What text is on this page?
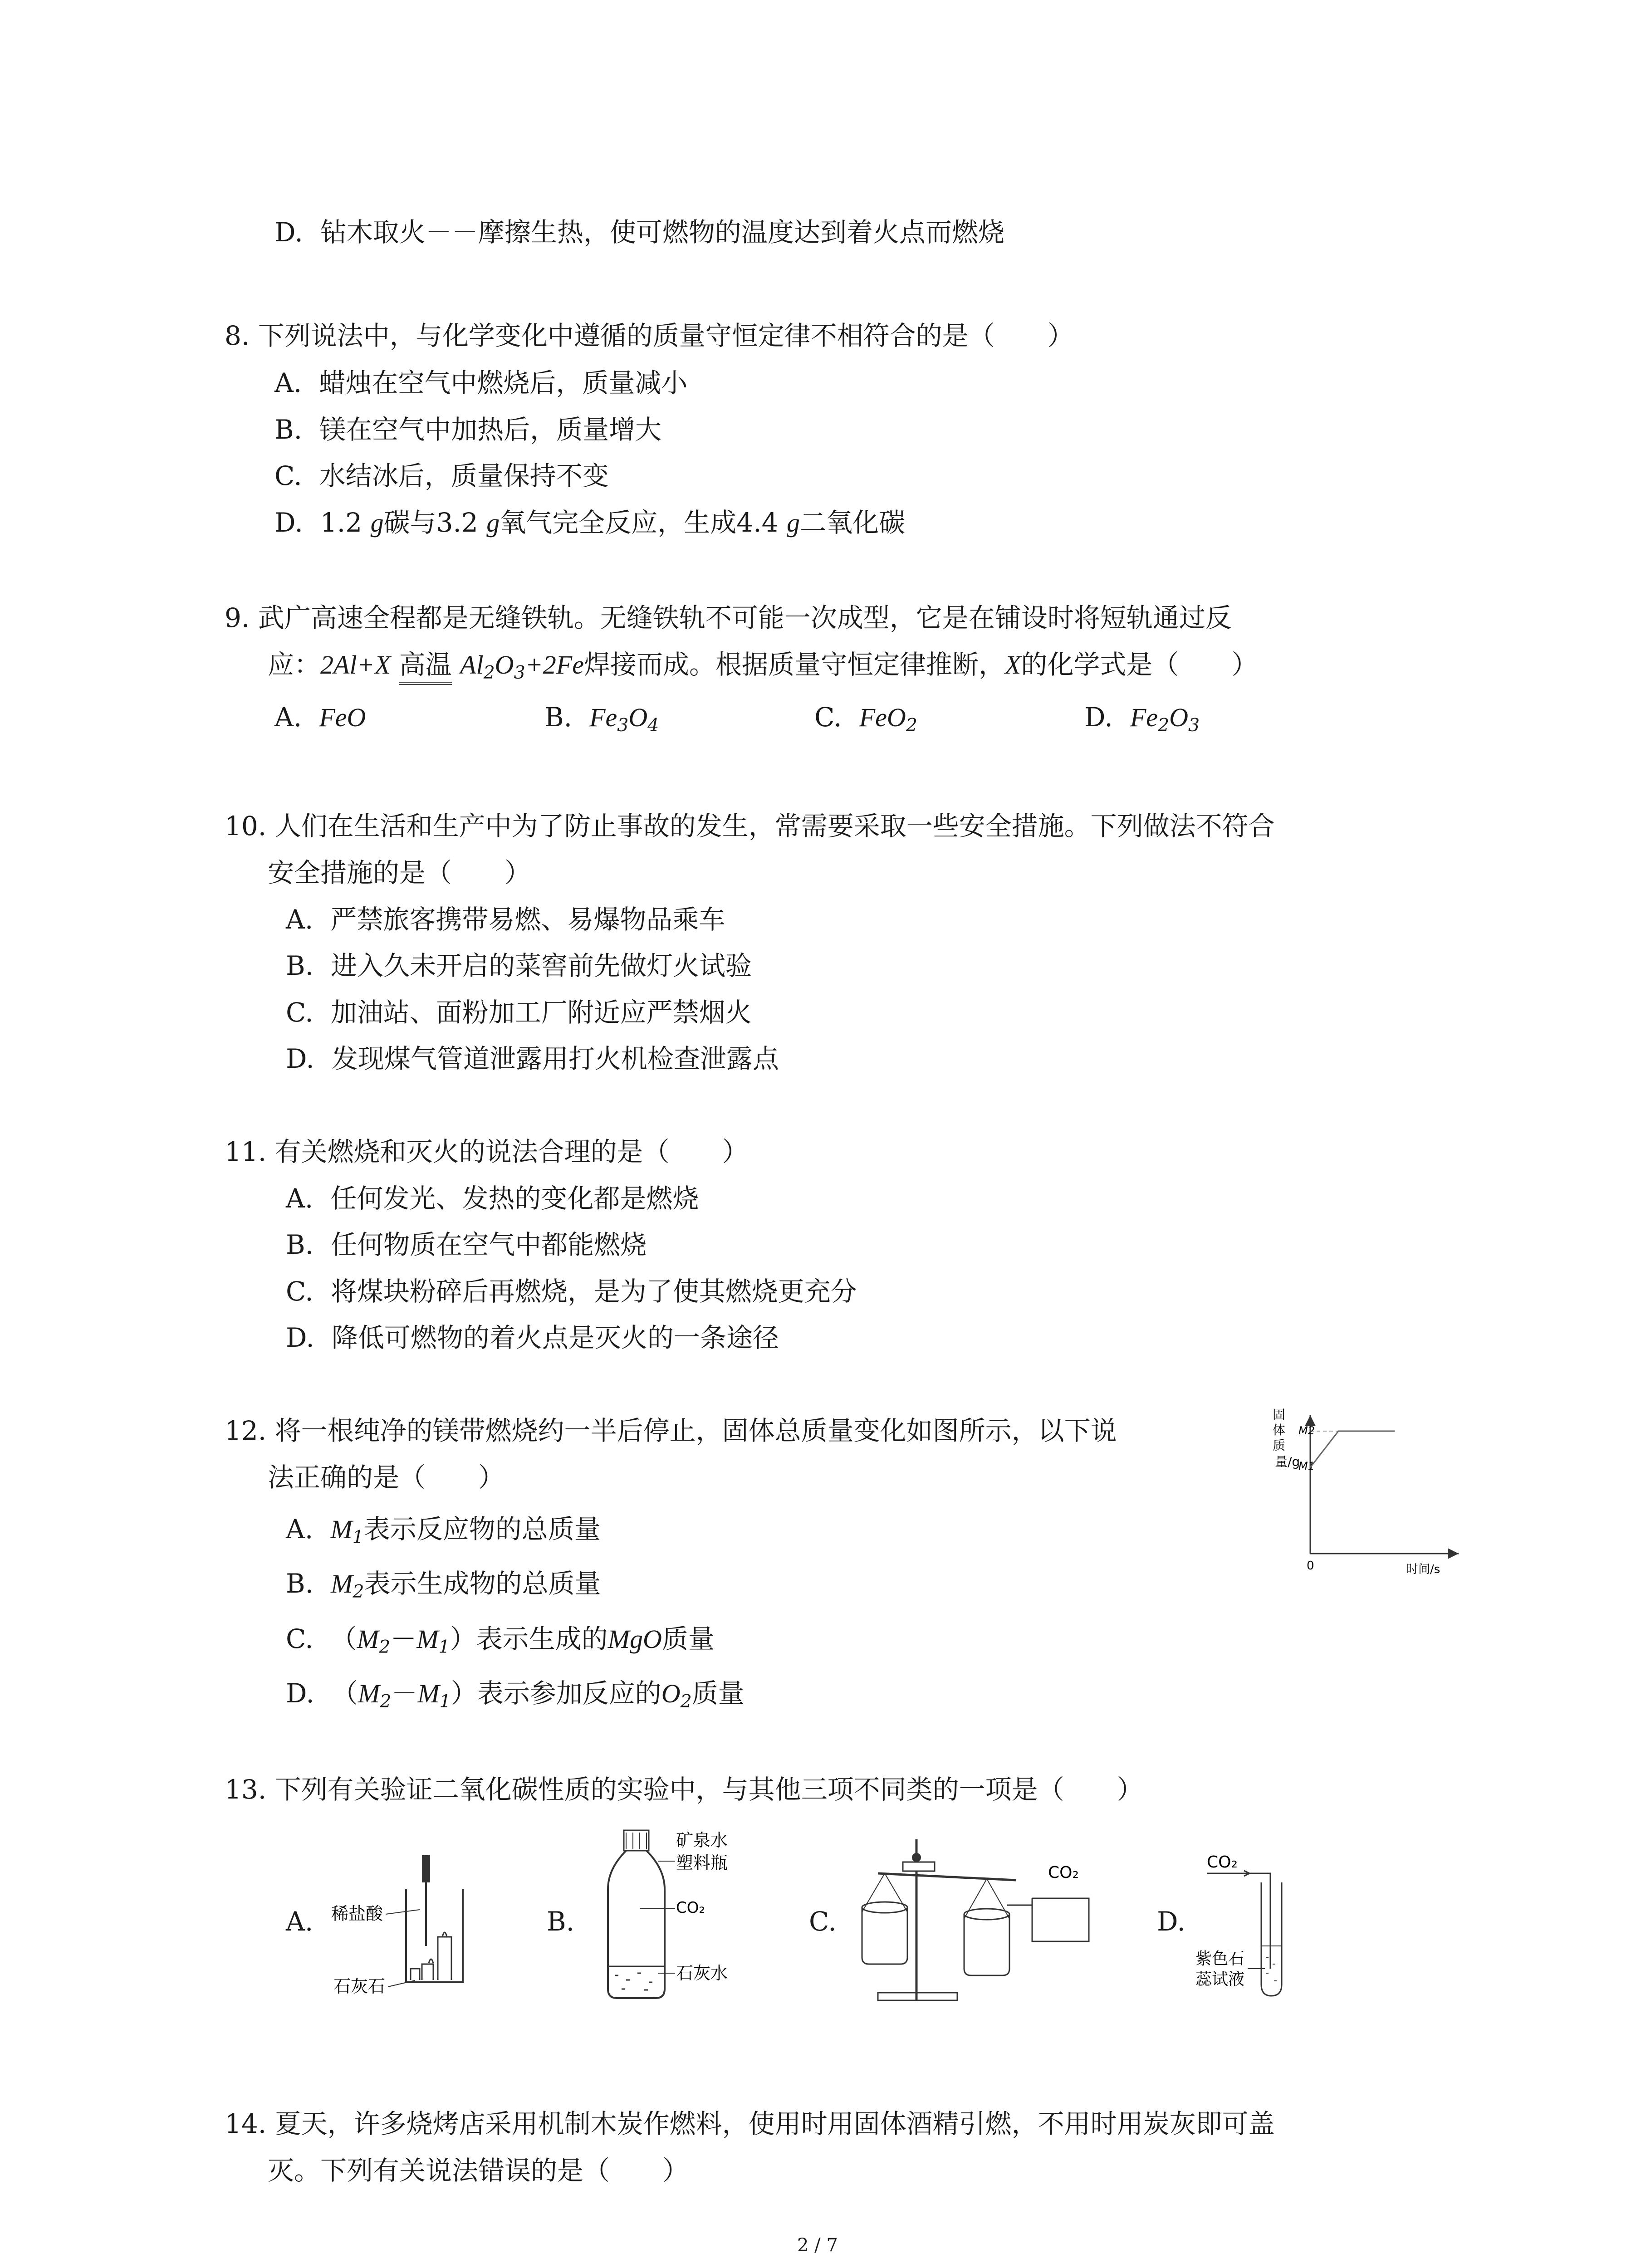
D. 钻木取火－－摩擦生热，使可燃物的温度达到着火点而燃烧
8. 下列说法中，与化学变化中遵循的质量守恒定律不相符合的是（　　）
A. 蜡烛在空气中燃烧后，质量减小
B. 镁在空气中加热后，质量增大
C. 水结冰后，质量保持不变
D. 1.2 g碳与3.2 g氧气完全反应，生成4.4 g二氧化碳
9. 武广高速全程都是无缝铁轨。无缝铁轨不可能一次成型，它是在铺设时将短轨通过反
应：2Al+X 高温 Al2O3+2Fe焊接而成。根据质量守恒定律推断，X的化学式是（　　）
A. FeO	B. Fe3O4	C. FeO2	D. Fe2O3
10. 人们在生活和生产中为了防止事故的发生，常需要采取一些安全措施。下列做法不符合
安全措施的是（　　）
A. 严禁旅客携带易燃、易爆物品乘车
B. 进入久未开启的菜窖前先做灯火试验
C. 加油站、面粉加工厂附近应严禁烟火
D. 发现煤气管道泄露用打火机检查泄露点
11. 有关燃烧和灭火的说法合理的是（　　）
A. 任何发光、发热的变化都是燃烧
B. 任何物质在空气中都能燃烧
C. 将煤块粉碎后再燃烧，是为了使其燃烧更充分
D. 降低可燃物的着火点是灭火的一条途径
12. 将一根纯净的镁带燃烧约一半后停止，固体总质量变化如图所示，以下说
法正确的是（　　）
A. M1表示反应物的总质量
B. M2表示生成物的总质量
C. （M2－M1）表示生成的MgO质量
D. （M2－M1）表示参加反应的O2质量
固
体
质
量/g
M2
M1
0	时间/s
13. 下列有关验证二氧化碳性质的实验中，与其他三项不同类的一项是（　　）
A. 稀盐酸
石灰石
B.
矿泉水
塑料瓶
CO₂
石灰水
C.
CO₂
D.
CO₂
紫色石
蕊试液
14. 夏天，许多烧烤店采用机制木炭作燃料，使用时用固体酒精引燃，不用时用炭灰即可盖
灭。下列有关说法错误的是（　　）
2 / 7
